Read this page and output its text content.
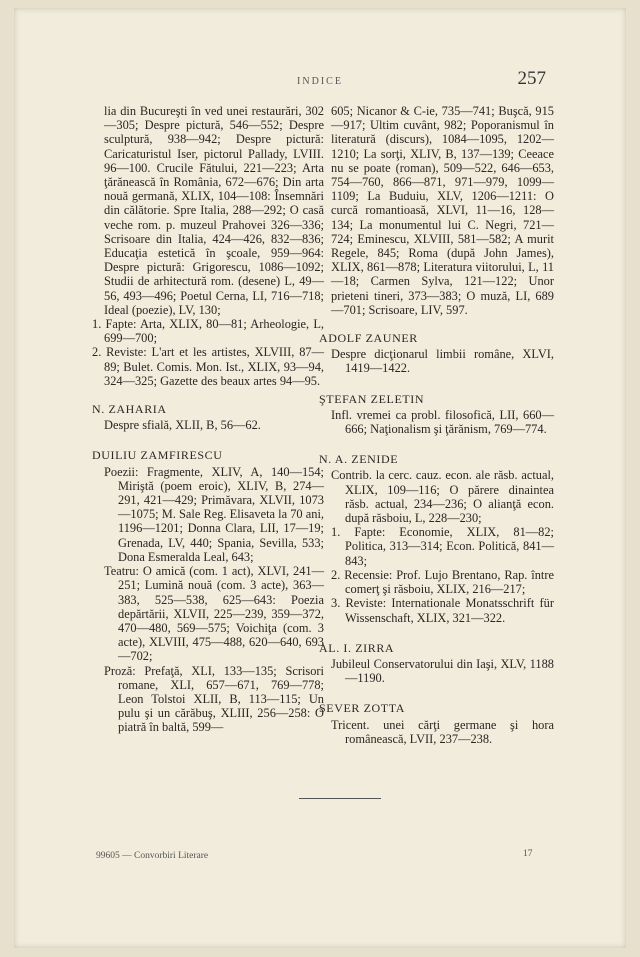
INDICE	257

lia din Bucureşti în ved unei restaurări, 302—305; Despre pictură, 546—552; Despre sculptură, 938—942; Despre pictură: Caricaturistul Iser, pictorul Pallady, LVIII. 96—100. Crucile Fătului, 221—223; Arta ţărănească în România, 672—676; Din arta nouă germană, XLIX, 104—108: Însemnări din călătorie. Spre Italia, 288—292; O casă veche rom. p. muzeul Prahovei 326—336; Scrisoare din Italia, 424—426, 832—836; Educaţia estetică în şcoale, 959—964: Despre pictură: Grigorescu, 1086—1092; Studii de arhitectură rom. (desene) L, 49—56, 493—496; Poetul Cerna, LI, 716—718; Ideal (poezie), LV, 130;

1. Fapte: Arta, XLIX, 80—81; Arheologie, L, 699—700;

2. Reviste: L'art et les artistes, XLVIII, 87—89; Bulet. Comis. Mon. Ist., XLIX, 93—94, 324—325; Gazette des beaux artes 94—95.

N. ZAHARIA

Despre sfială, XLII, B, 56—62.

DUILIU ZAMFIRESCU

Poezii: Fragmente, XLIV, A, 140—154; Miriştă (poem eroic), XLIV, B, 274—291, 421—429; Primăvara, XLVII, 1073—1075; M. Sale Reg. Elisaveta la 70 ani, 1196—1201; Donna Clara, LII, 17—19; Grenada, LV, 440; Spania, Sevilla, 533; Dona Esmeralda Leal, 643;

Teatru: O amică (com. 1 act), XLVI, 241—251; Lumină nouă (com. 3 acte), 363—383, 525—538, 625—643: Poezia depărtării, XLVII, 225—239, 359—372, 470—480, 569—575; Voichiţa (com. 3 acte), XLVIII, 475—488, 620—640, 693—702;

Proză: Prefaţă, XLI, 133—135; Scrisori romane, XLI, 657—671, 769—778; Leon Tolstoi XLII, B, 113—115; Un pulu şi un cărăbuş, XLIII, 256—258: O piatră în baltă, 599—

605; Nicanor & C-ie, 735—741; Buşcă, 915—917; Ultim cuvânt, 982; Poporanismul în literatură (discurs), 1084—1095, 1202—1210; La sorţi, XLIV, B, 137—139; Ceeace nu se poate (roman), 509—522, 646—653, 754—760, 866—871, 971—979, 1099—1109; La Buduiu, XLV, 1206—1211: O curcă romantioasă, XLVI, 11—16, 128—134; La monumentul lui C. Negri, 721—724; Eminescu, XLVIII, 581—582; A murit Regele, 845; Roma (după John James), XLIX, 861—878; Literatura viitorului, L, 11—18; Carmen Sylva, 121—122; Unor prieteni tineri, 373—383; O muză, LI, 689—701; Scrisoare, LIV, 597.

ADOLF ZAUNER

Despre dicţionarul limbii române, XLVI, 1419—1422.

ŞTEFAN ZELETIN

Infl. vremei ca probl. filosofică, LII, 660—666; Naţionalism şi ţărănism, 769—774.

N. A. ZENIDE

Contrib. la cerc. cauz. econ. ale răsb. actual, XLIX, 109—116; O părere dinaintea răsb. actual, 234—236; O alianţă econ. după răsboiu, L, 228—230;

1. Fapte: Economie, XLIX, 81—82; Politica, 313—314; Econ. Politică, 841—843;

2. Recensie: Prof. Lujo Brentano, Rap. între comerţ şi răsboiu, XLIX, 216—217;

3. Reviste: Internationale Monatsschrift für Wissenschaft, XLIX, 321—322.

AL. I. ZIRRA

Jubileul Conservatorului din Iaşi, XLV, 1188—1190.

SEVER ZOTTA

Tricent. unei cărţi germane şi hora românească, LVII, 237—238.

99605 — Convorbiri Literare	17
